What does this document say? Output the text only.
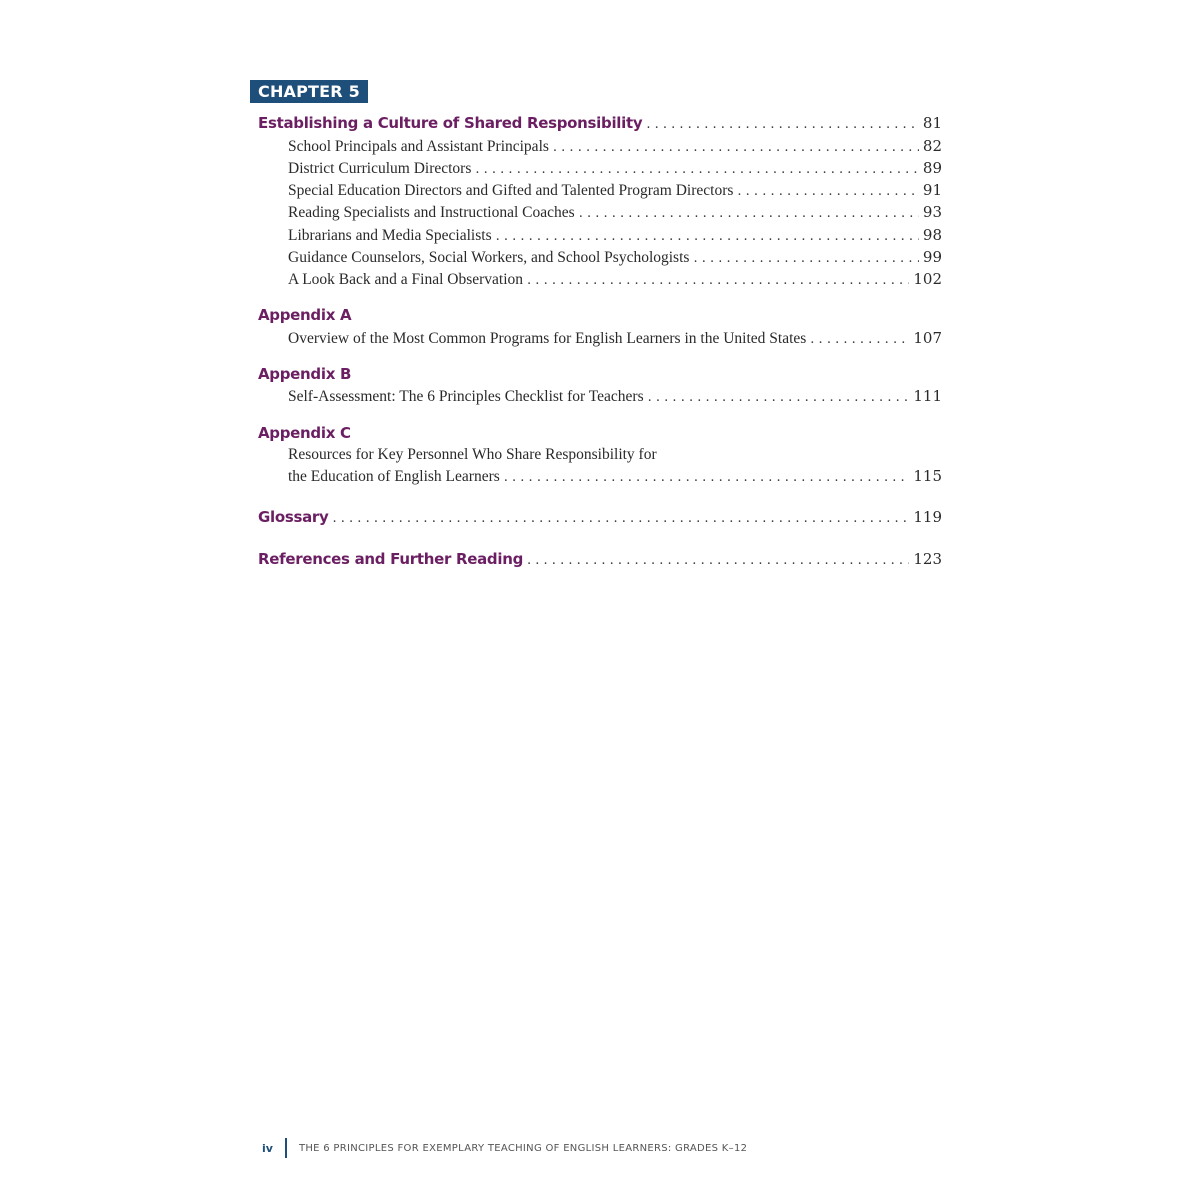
CHAPTER 5
Establishing a Culture of Shared Responsibility . . .	81
School Principals and Assistant Principals . . .	82
District Curriculum Directors . . .	89
Special Education Directors and Gifted and Talented Program Directors . . .	91
Reading Specialists and Instructional Coaches . . .	93
Librarians and Media Specialists . . .	98
Guidance Counselors, Social Workers, and School Psychologists . . .	99
A Look Back and a Final Observation . . .	102
Appendix A
Overview of the Most Common Programs for English Learners in the United States . . .	107
Appendix B
Self-Assessment: The 6 Principles Checklist for Teachers . . .	111
Appendix C
Resources for Key Personnel Who Share Responsibility for
the Education of English Learners . . .	115
Glossary . . .	119
References and Further Reading . . .	123
iv	THE 6 PRINCIPLES FOR EXEMPLARY TEACHING OF ENGLISH LEARNERS: GRADES K–12
